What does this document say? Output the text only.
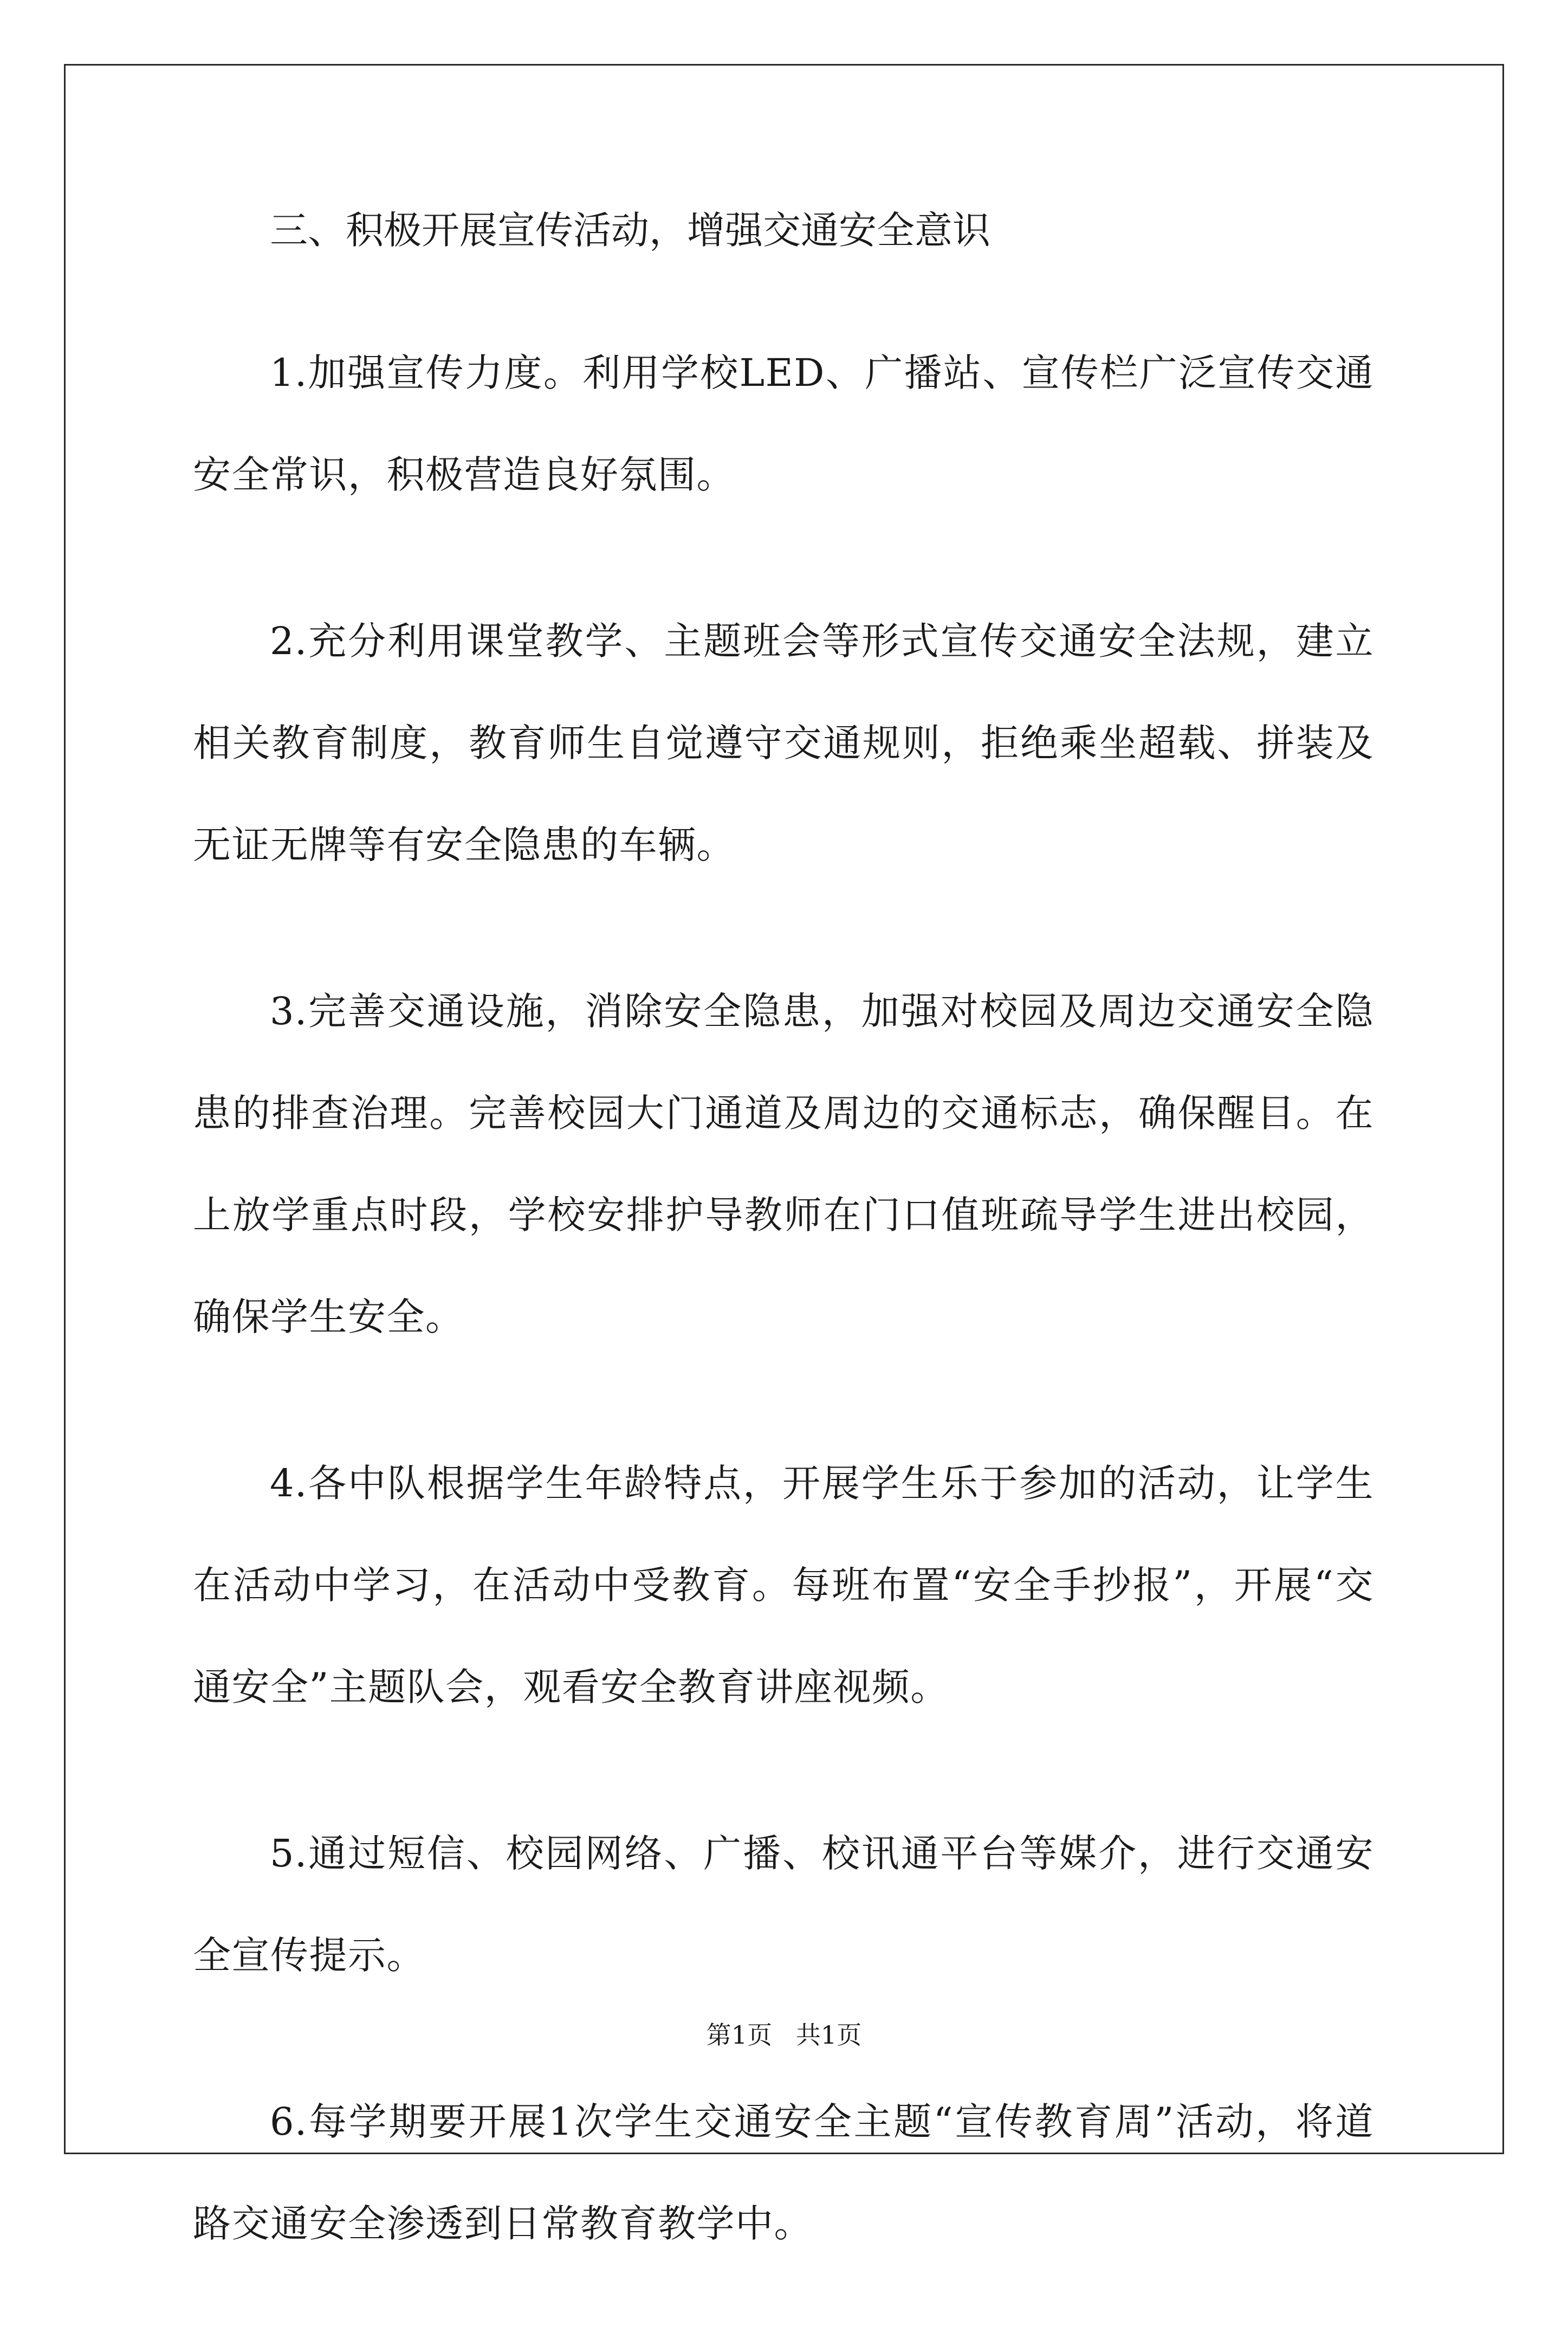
三、积极开展宣传活动，增强交通安全意识

1.加强宣传力度。利用学校LED、广播站、宣传栏广泛宣传交通安全常识，积极营造良好氛围。

2.充分利用课堂教学、主题班会等形式宣传交通安全法规，建立相关教育制度，教育师生自觉遵守交通规则，拒绝乘坐超载、拼装及无证无牌等有安全隐患的车辆。

3.完善交通设施，消除安全隐患，加强对校园及周边交通安全隐患的排查治理。完善校园大门通道及周边的交通标志，确保醒目。在上放学重点时段，学校安排护导教师在门口值班疏导学生进出校园，确保学生安全。

4.各中队根据学生年龄特点，开展学生乐于参加的活动，让学生在活动中学习，在活动中受教育。每班布置“安全手抄报”，开展“交通安全”主题队会，观看安全教育讲座视频。

5.通过短信、校园网络、广播、校讯通平台等媒介，进行交通安全宣传提示。

6.每学期要开展1次学生交通安全主题“宣传教育周”活动，将道路交通安全渗透到日常教育教学中。

第1页   共1页
